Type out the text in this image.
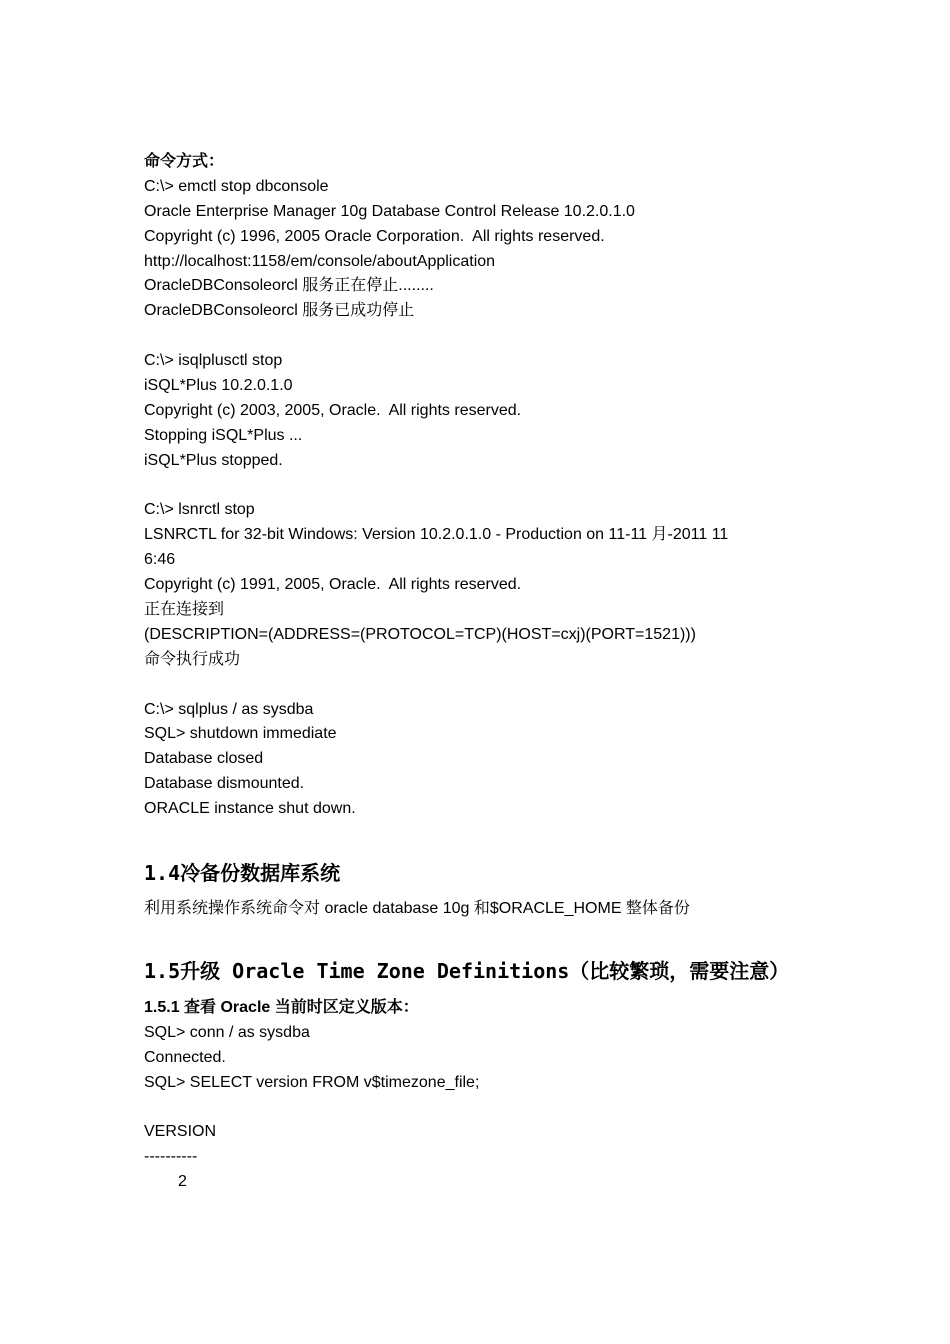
命令方式：
C:\> emctl stop dbconsole
Oracle Enterprise Manager 10g Database Control Release 10.2.0.1.0
Copyright (c) 1996, 2005 Oracle Corporation.  All rights reserved.
http://localhost:1158/em/console/aboutApplication
OracleDBConsoleorcl 服务正在停止........
OracleDBConsoleorcl 服务已成功停止
C:\> isqlplusctl stop
iSQL*Plus 10.2.0.1.0
Copyright (c) 2003, 2005, Oracle.  All rights reserved.
Stopping iSQL*Plus ...
iSQL*Plus stopped.
C:\> lsnrctl stop
LSNRCTL for 32-bit Windows: Version 10.2.0.1.0 - Production on 11-11 月-2011 11
6:46
Copyright (c) 1991, 2005, Oracle.  All rights reserved.
正在连接到
(DESCRIPTION=(ADDRESS=(PROTOCOL=TCP)(HOST=cxj)(PORT=1521)))
命令执行成功
C:\> sqlplus / as sysdba
SQL> shutdown immediate
Database closed
Database dismounted.
ORACLE instance shut down.
1.4冷备份数据库系统
利用系统操作系统命令对 oracle database 10g 和$ORACLE_HOME 整体备份
1.5升级 Oracle Time Zone Definitions（比较繁琐，需要注意）
1.5.1 查看 Oracle 当前时区定义版本：
SQL> conn / as sysdba
Connected.
SQL> SELECT version FROM v$timezone_file;
VERSION
----------
2
